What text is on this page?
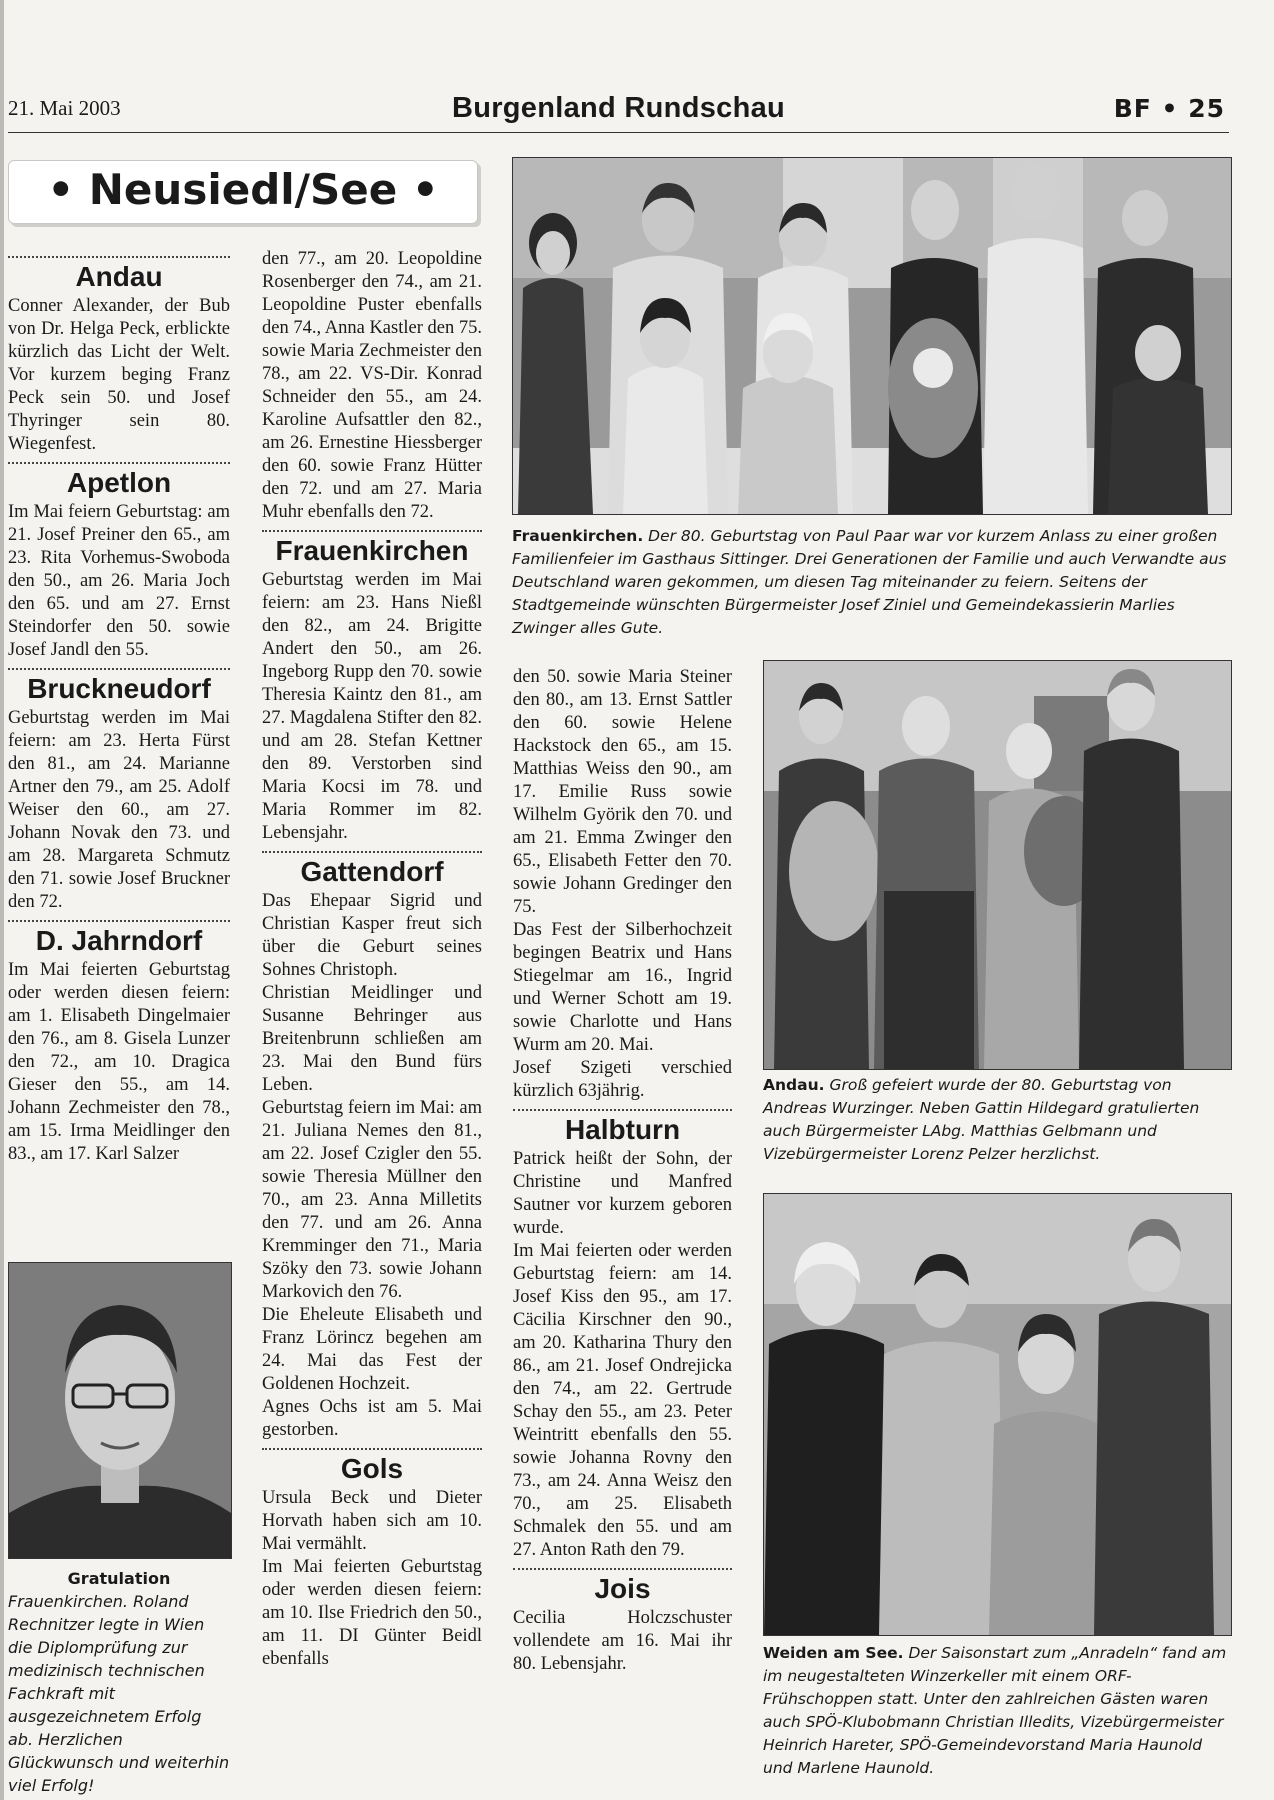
21. Mai 2003	Burgenland Rundschau	BF • 25
• Neusiedl/See •
Andau

Conner Alexander, der Bub von Dr. Helga Peck, erblickte kürzlich das Licht der Welt. Vor kurzem beging Franz Peck sein 50. und Josef Thyringer sein 80. Wiegenfest.

Apetlon

Im Mai feiern Geburtstag: am 21. Josef Preiner den 65., am 23. Rita Vorhemus-Swoboda den 50., am 26. Maria Joch den 65. und am 27. Ernst Steindorfer den 50. sowie Josef Jandl den 55.

Bruckneudorf

Geburtstag werden im Mai feiern: am 23. Herta Fürst den 81., am 24. Marianne Artner den 79., am 25. Adolf Weiser den 60., am 27. Johann Novak den 73. und am 28. Margareta Schmutz den 71. sowie Josef Bruckner den 72.

D. Jahrndorf

Im Mai feierten Geburtstag oder werden diesen feiern: am 1. Elisabeth Dingelmaier den 76., am 8. Gisela Lunzer den 72., am 10. Dragica Gieser den 55., am 14. Johann Zechmeister den 78., am 15. Irma Meidlinger den 83., am 17. Karl Salzer

Gratulation
Frauenkirchen. Roland Rechnitzer legte in Wien die Diplomprüfung zur medizinisch technischen Fachkraft mit ausgezeichnetem Erfolg ab. Herzlichen Glückwunsch und weiterhin viel Erfolg!

den 77., am 20. Leopoldine Rosenberger den 74., am 21. Leopoldine Puster ebenfalls den 74., Anna Kastler den 75. sowie Maria Zechmeister den 78., am 22. VS-Dir. Konrad Schneider den 55., am 24. Karoline Aufsattler den 82., am 26. Ernestine Hiessberger den 60. sowie Franz Hütter den 72. und am 27. Maria Muhr ebenfalls den 72.

Frauenkirchen

Geburtstag werden im Mai feiern: am 23. Hans Nießl den 82., am 24. Brigitte Andert den 50., am 26. Ingeborg Rupp den 70. sowie Theresia Kaintz den 81., am 27. Magdalena Stifter den 82. und am 28. Stefan Kettner den 89. Verstorben sind Maria Kocsi im 78. und Maria Rommer im 82. Lebensjahr.

Gattendorf

Das Ehepaar Sigrid und Christian Kasper freut sich über die Geburt seines Sohnes Christoph.

Christian Meidlinger und Susanne Behringer aus Breitenbrunn schließen am 23. Mai den Bund fürs Leben.

Geburtstag feiern im Mai: am 21. Juliana Nemes den 81., am 22. Josef Czigler den 55. sowie Theresia Müllner den 70., am 23. Anna Milletits den 77. und am 26. Anna Kremminger den 71., Maria Szöky den 73. sowie Johann Markovich den 76.

Die Eheleute Elisabeth und Franz Lörincz begehen am 24. Mai das Fest der Goldenen Hochzeit.

Agnes Ochs ist am 5. Mai gestorben.

Gols

Ursula Beck und Dieter Horvath haben sich am 10. Mai vermählt.

Im Mai feierten Geburtstag oder werden diesen feiern: am 10. Ilse Friedrich den 50., am 11. DI Günter Beidl ebenfalls

Frauenkirchen. Der 80. Geburtstag von Paul Paar war vor kurzem Anlass zu einer großen Familienfeier im Gasthaus Sittinger. Drei Generationen der Familie und auch Verwandte aus Deutschland waren gekommen, um diesen Tag miteinander zu feiern. Seitens der Stadtgemeinde wünschten Bürgermeister Josef Ziniel und Gemeindekassierin Marlies Zwinger alles Gute.

den 50. sowie Maria Steiner den 80., am 13. Ernst Sattler den 60. sowie Helene Hackstock den 65., am 15. Matthias Weiss den 90., am 17. Emilie Russ sowie Wilhelm Györik den 70. und am 21. Emma Zwinger den 65., Elisabeth Fetter den 70. sowie Johann Gredinger den 75.

Das Fest der Silberhochzeit begingen Beatrix und Hans Stiegelmar am 16., Ingrid und Werner Schott am 19. sowie Charlotte und Hans Wurm am 20. Mai.

Josef Szigeti verschied kürzlich 63jährig.

Halbturn

Patrick heißt der Sohn, der Christine und Manfred Sautner vor kurzem geboren wurde.

Im Mai feierten oder werden Geburtstag feiern: am 14. Josef Kiss den 95., am 17. Cäcilia Kirschner den 90., am 20. Katharina Thury den 86., am 21. Josef Ondrejicka den 74., am 22. Gertrude Schay den 55., am 23. Peter Weintritt ebenfalls den 55. sowie Johanna Rovny den 73., am 24. Anna Weisz den 70., am 25. Elisabeth Schmalek den 55. und am 27. Anton Rath den 79.

Jois

Cecilia Holczschuster vollendete am 16. Mai ihr 80. Lebensjahr.

Andau. Groß gefeiert wurde der 80. Geburtstag von Andreas Wurzinger. Neben Gattin Hildegard gratulierten auch Bürgermeister LAbg. Matthias Gelbmann und Vizebürgermeister Lorenz Pelzer herzlichst.
Weiden am See. Der Saisonstart zum „Anradeln“ fand am im neugestalteten Winzerkeller mit einem ORF-Frühschoppen statt. Unter den zahlreichen Gästen waren auch SPÖ-Klubobmann Christian Illedits, Vizebürgermeister Heinrich Hareter, SPÖ-Gemeindevorstand Maria Haunold und Marlene Haunold.
